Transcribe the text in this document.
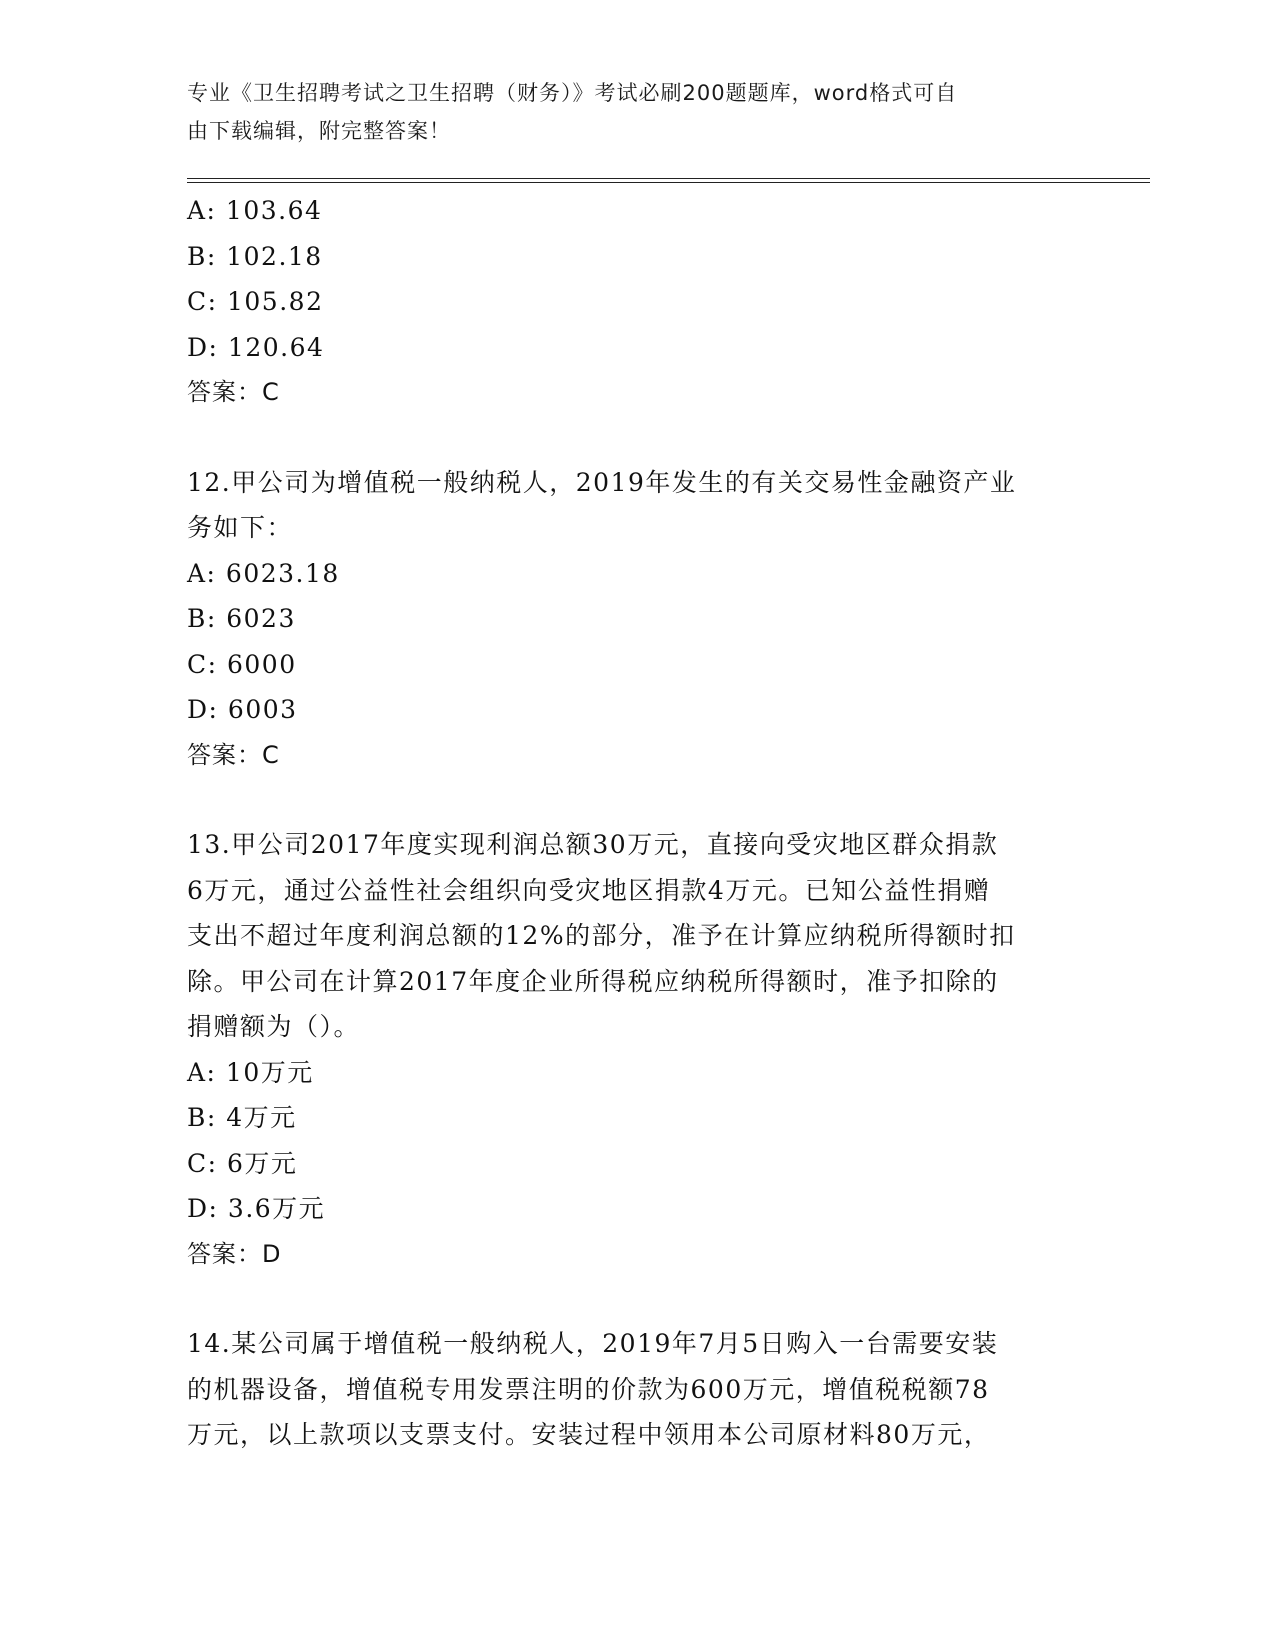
专业《卫生招聘考试之卫生招聘（财务）》考试必刷200题题库，word格式可自
由下载编辑，附完整答案！
A: 103.64
B: 102.18
C: 105.82
D: 120.64
答案：C
12.甲公司为增值税一般纳税人，2019年发生的有关交易性金融资产业
务如下：
A: 6023.18
B: 6023
C: 6000
D: 6003
答案：C
13.甲公司2017年度实现利润总额30万元，直接向受灾地区群众捐款
6万元，通过公益性社会组织向受灾地区捐款4万元。已知公益性捐赠
支出不超过年度利润总额的12%的部分，准予在计算应纳税所得额时扣
除。甲公司在计算2017年度企业所得税应纳税所得额时，准予扣除的
捐赠额为（）。
A: 10万元
B: 4万元
C: 6万元
D: 3.6万元
答案：D
14.某公司属于增值税一般纳税人，2019年7月5日购入一台需要安装
的机器设备，增值税专用发票注明的价款为600万元，增值税税额78
万元，以上款项以支票支付。安装过程中领用本公司原材料80万元，
